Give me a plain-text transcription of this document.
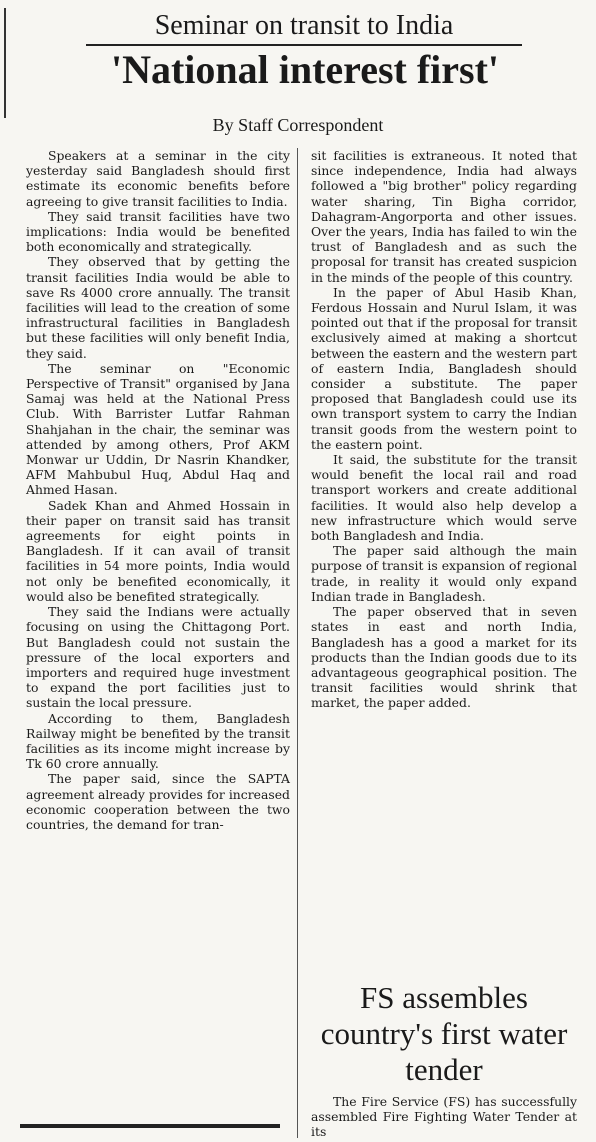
Seminar on transit to India
'National interest first'
By Staff Correspondent

Speakers at a seminar in the city yesterday said Bangladesh should first estimate its economic benefits before agreeing to give transit facilities to India.

They said transit facilities have two implications: India would be benefited both economically and strategically.

They observed that by getting the transit facilities India would be able to save Rs 4000 crore annually. The transit facilities will lead to the creation of some infrastructural facilities in Bangladesh but these facilities will only benefit India, they said.

The seminar on "Economic Perspective of Transit" organised by Jana Samaj was held at the National Press Club. With Barrister Lutfar Rahman Shahjahan in the chair, the seminar was attended by among others, Prof AKM Monwar ur Uddin, Dr Nasrin Khandker, AFM Mahbubul Huq, Abdul Haq and Ahmed Hasan.

Sadek Khan and Ahmed Hossain in their paper on transit said has transit agreements for eight points in Bangladesh. If it can avail of transit facilities in 54 more points, India would not only be benefited economically, it would also be benefited strategically.

They said the Indians were actually focusing on using the Chittagong Port. But Bangladesh could not sustain the pressure of the local exporters and importers and required huge investment to expand the port facilities just to sustain the local pressure.

According to them, Bangladesh Railway might be benefited by the transit facilities as its income might increase by Tk 60 crore annually.

The paper said, since the SAPTA agreement already provides for increased economic cooperation between the two countries, the demand for tran-

sit facilities is extraneous. It noted that since independence, India had always followed a "big brother" policy regarding water sharing, Tin Bigha corridor, Dahagram-Angorporta and other issues. Over the years, India has failed to win the trust of Bangladesh and as such the proposal for transit has created suspicion in the minds of the people of this country.

In the paper of Abul Hasib Khan, Ferdous Hossain and Nurul Islam, it was pointed out that if the proposal for transit exclusively aimed at making a shortcut between the eastern and the western part of eastern India, Bangladesh should consider a substitute. The paper proposed that Bangladesh could use its own transport system to carry the Indian transit goods from the western point to the eastern point.

It said, the substitute for the transit would benefit the local rail and road transport workers and create additional facilities. It would also help develop a new infrastructure which would serve both Bangladesh and India.

The paper said although the main purpose of transit is expansion of regional trade, in reality it would only expand Indian trade in Bangladesh.

The paper observed that in seven states in east and north India, Bangladesh has a good a market for its products than the Indian goods due to its advantageous geographical position. The transit facilities would shrink that market, the paper added.

FS assembles country's first water tender

The Fire Service (FS) has successfully assembled Fire Fighting Water Tender at its
